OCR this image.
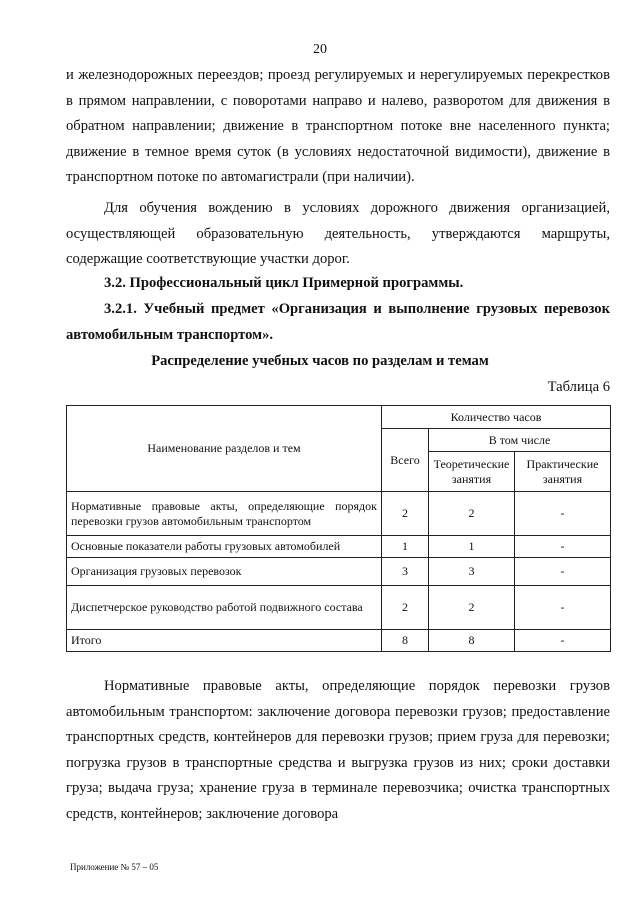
20
и железнодорожных переездов; проезд регулируемых и нерегулируемых перекрестков в прямом направлении, с поворотами направо и налево, разворотом для движения в обратном направлении; движение в транспортном потоке вне населенного пункта; движение в темное время суток (в условиях недостаточной видимости), движение в транспортном потоке по автомагистрали (при наличии).
Для обучения вождению в условиях дорожного движения организацией, осуществляющей образовательную деятельность, утверждаются маршруты, содержащие соответствующие участки дорог.
3.2. Профессиональный цикл Примерной программы.
3.2.1. Учебный предмет «Организация и выполнение грузовых перевозок автомобильным транспортом».
Распределение учебных часов по разделам и темам
Таблица 6
Наименование разделов и тем	Количество часов		
	Всего	В том числе	
		Теоретические занятия	Практические занятия
Нормативные правовые акты, определяющие порядок перевозки грузов автомобильным транспортом	2	2	-
Основные показатели работы грузовых автомобилей	1	1	-
Организация грузовых перевозок	3	3	-
Диспетчерское руководство работой подвижного состава	2	2	-
Итого	8	8	-
Нормативные правовые акты, определяющие порядок перевозки грузов автомобильным транспортом: заключение договора перевозки грузов; предоставление транспортных средств, контейнеров для перевозки грузов; прием груза для перевозки; погрузка грузов в транспортные средства и выгрузка грузов из них; сроки доставки груза; выдача груза; хранение груза в терминале перевозчика; очистка транспортных средств, контейнеров; заключение договора
Приложение № 57 – 05
